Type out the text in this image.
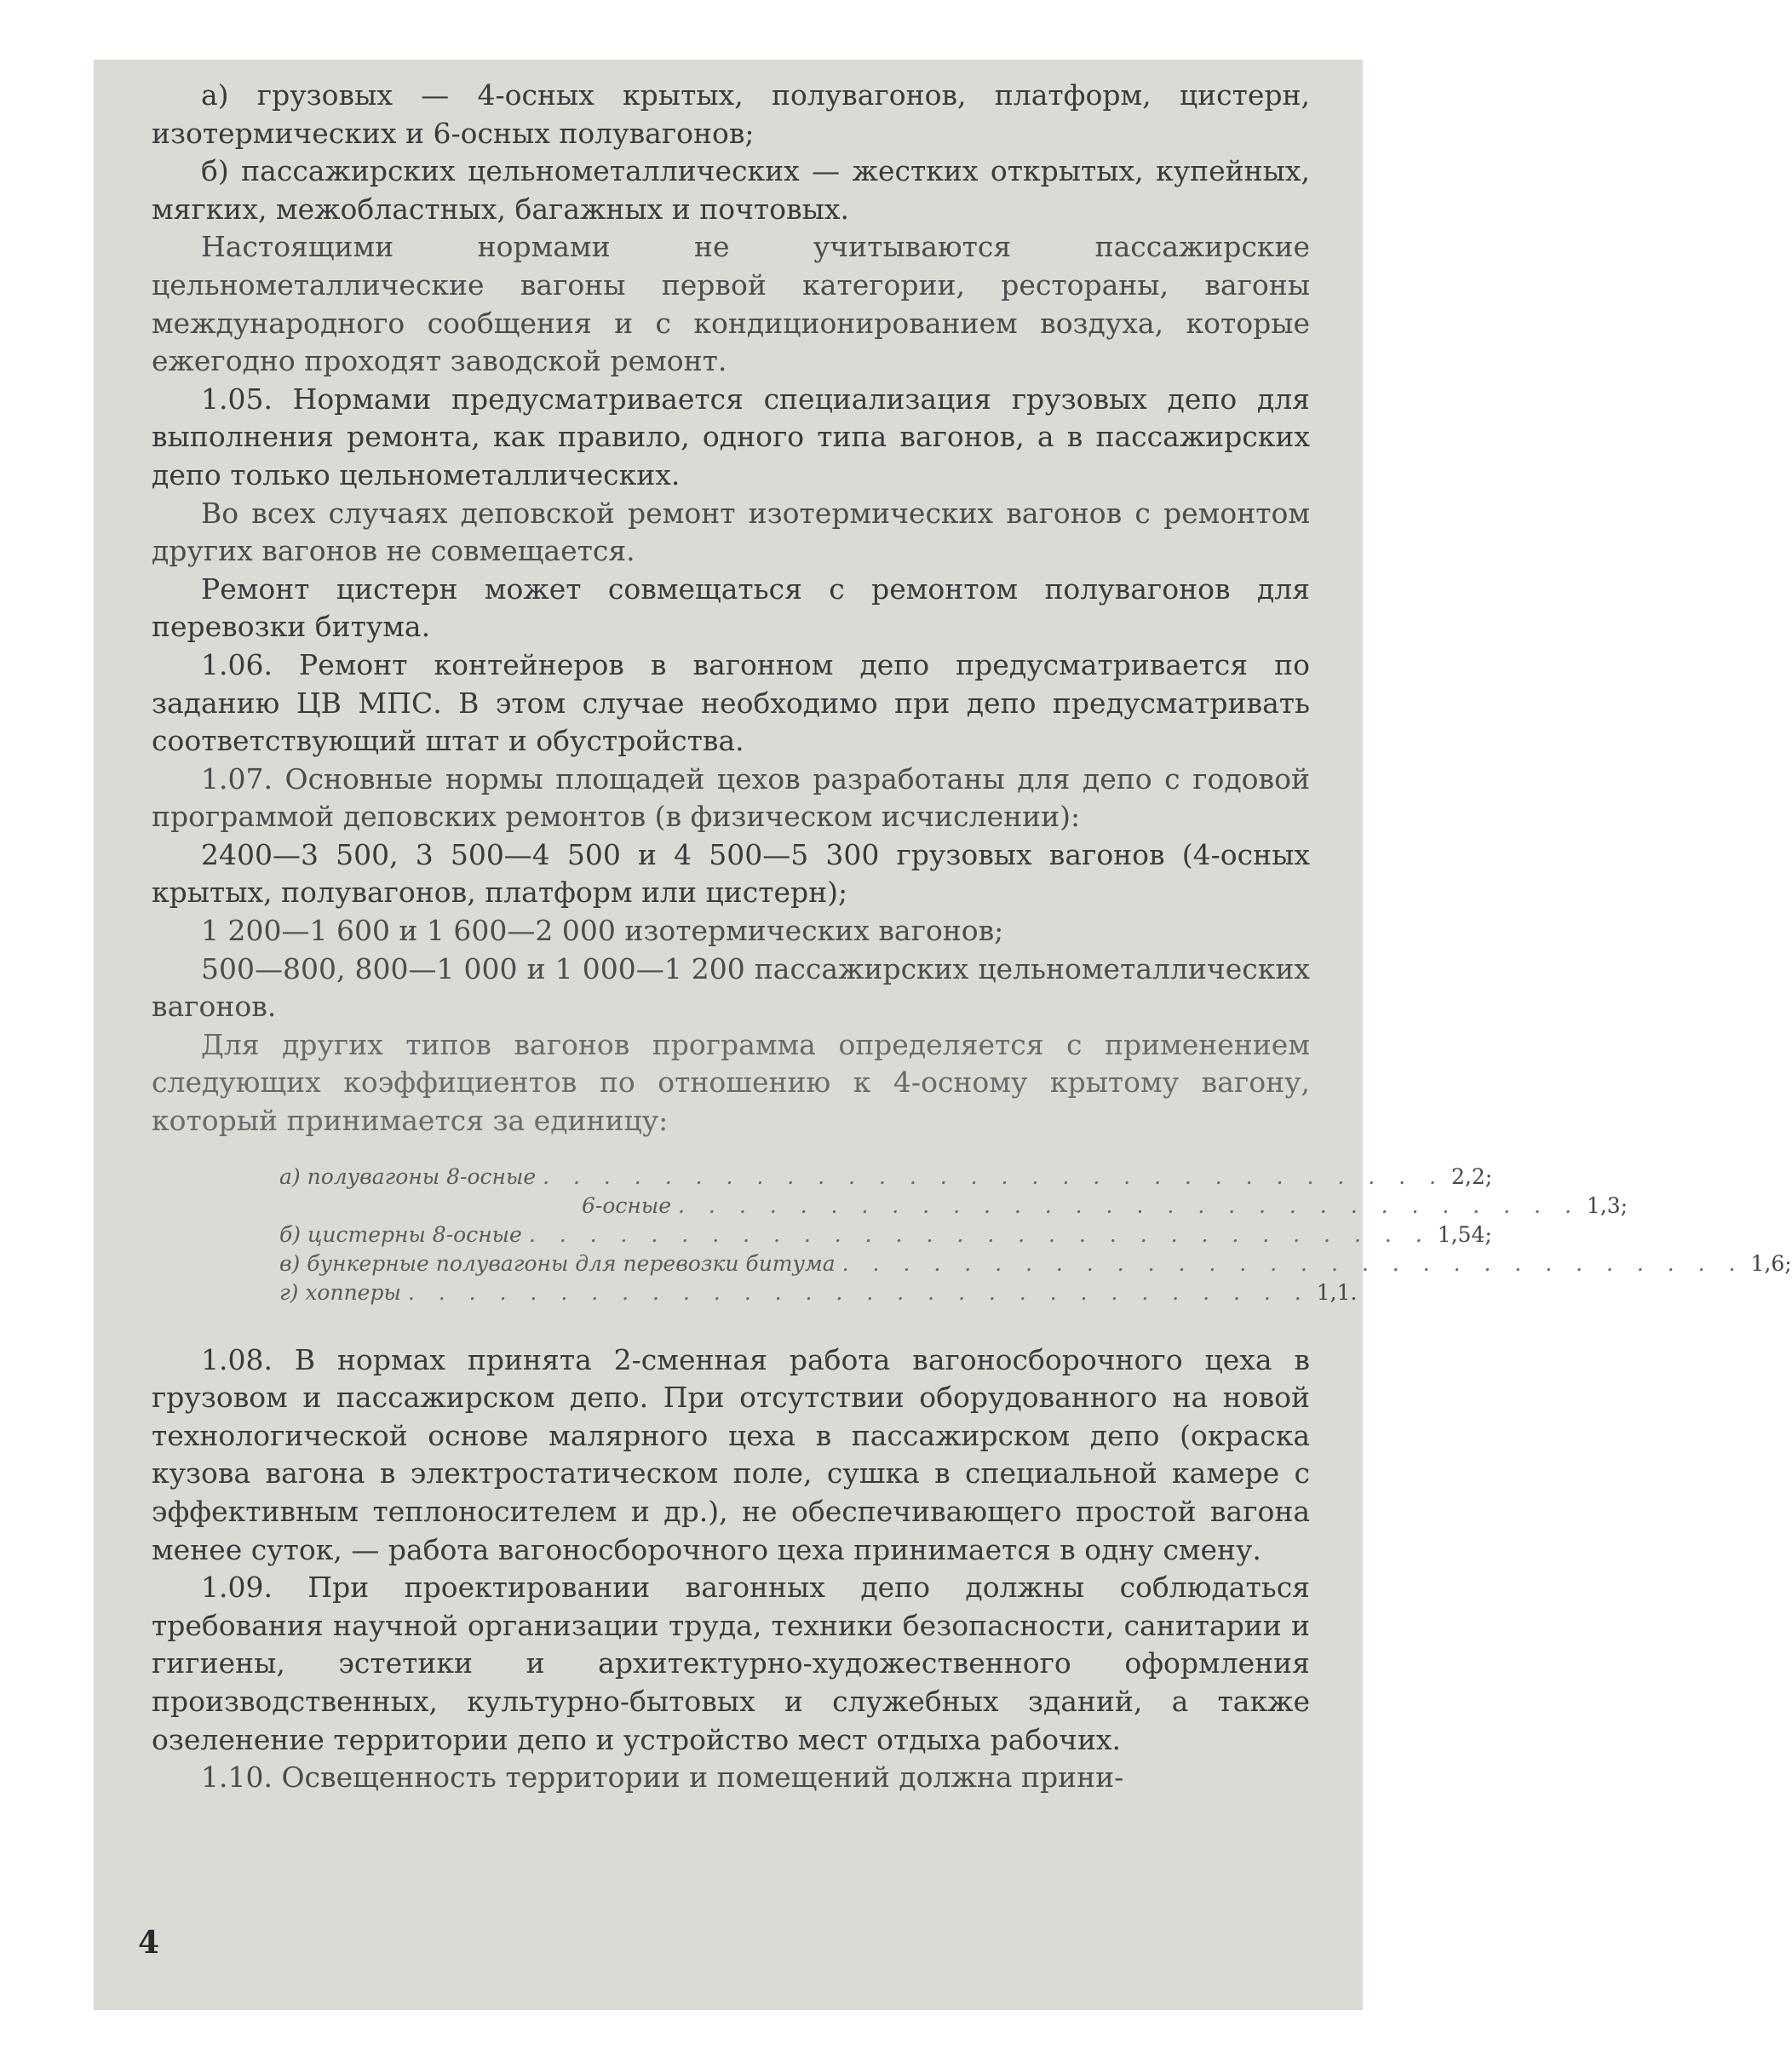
а) грузовых — 4-осных крытых, полувагонов, платформ, цистерн, изотермических и 6-осных полувагонов;

б) пассажирских цельнометаллических — жестких открытых, купейных, мягких, межобластных, багажных и почтовых.

Настоящими нормами не учитываются пассажирские цельнометаллические вагоны первой категории, рестораны, вагоны международного сообщения и с кондиционированием воздуха, которые ежегодно проходят заводской ремонт.

1.05. Нормами предусматривается специализация грузовых депо для выполнения ремонта, как правило, одного типа вагонов, а в пассажирских депо только цельнометаллических.

Во всех случаях деповской ремонт изотермических вагонов с ремонтом других вагонов не совмещается.

Ремонт цистерн может совмещаться с ремонтом полувагонов для перевозки битума.

1.06. Ремонт контейнеров в вагонном депо предусматривается по заданию ЦВ МПС. В этом случае необходимо при депо предусматривать соответствующий штат и обустройства.

1.07. Основные нормы площадей цехов разработаны для депо с годовой программой деповских ремонтов (в физическом исчислении):

2400—3 500, 3 500—4 500 и 4 500—5 300 грузовых вагонов (4-осных крытых, полувагонов, платформ или цистерн);

1 200—1 600 и 1 600—2 000 изотермических вагонов;

500—800, 800—1 000 и 1 000—1 200 пассажирских цельнометаллических вагонов.

Для других типов вагонов программа определяется с применением следующих коэффициентов по отношению к 4-осному крытому вагону, который принимается за единицу:

а) полувагоны 8-осные . . . . . . . . . . . . . . . . . . . . . . . . . . . . . . 2,2;
6-осные . . . . . . . . . . . . . . . . . . . . . . . . . . . . . . 1,3;
б) цистерны 8-осные . . . . . . . . . . . . . . . . . . . . . . . . . . . . . . 1,54;
в) бункерные полувагоны для перевозки битума . . . . . . . . . . . . . . . . . . . . . . . . . . . . . . 1,6;
г) хопперы . . . . . . . . . . . . . . . . . . . . . . . . . . . . . . 1,1.

1.08. В нормах принята 2-сменная работа вагоносборочного цеха в грузовом и пассажирском депо. При отсутствии оборудованного на новой технологической основе малярного цеха в пассажирском депо (окраска кузова вагона в электростатическом поле, сушка в специальной камере с эффективным теплоносителем и др.), не обеспечивающего простой вагона менее суток, — работа вагоносборочного цеха принимается в одну смену.

1.09. При проектировании вагонных депо должны соблюдаться требования научной организации труда, техники безопасности, санитарии и гигиены, эстетики и архитектурно-художественного оформления производственных, культурно-бытовых и служебных зданий, а также озеленение территории депо и устройство мест отдыха рабочих.

1.10. Освещенность территории и помещений должна прини-

4
